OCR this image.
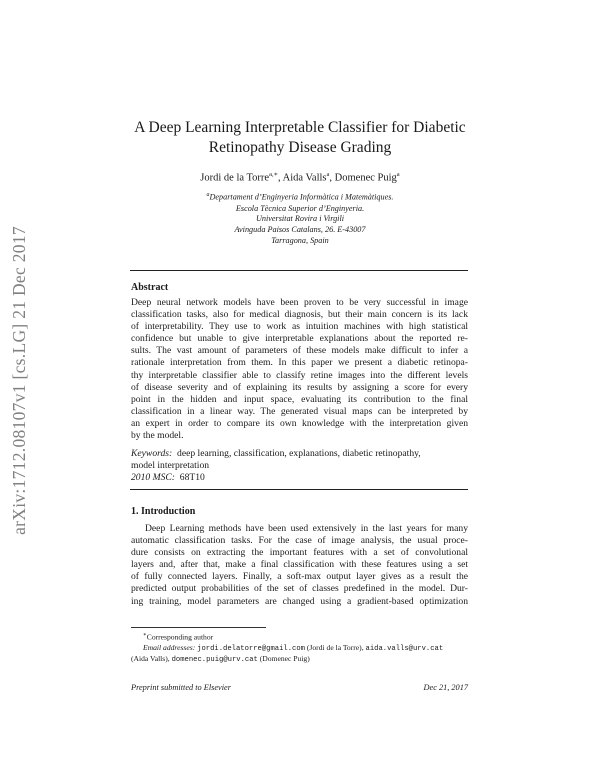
arXiv:1712.08107v1 [cs.LG] 21 Dec 2017
A Deep Learning Interpretable Classifier for Diabetic
Retinopathy Disease Grading
Jordi de la Torre$^{a,∗}$, Aida Valls$^a$, Domenec Puig$^a$
$^a$Departament d’Enginyeria Informàtica i Matemàtiques.
Escola Tècnica Superior d’Enginyeria.
Universitat Rovira i Virgili
Avinguda Paisos Catalans, 26. E-43007
Tarragona, Spain
Abstract
Deep neural network models have been proven to be very successful in image
classification tasks, also for medical diagnosis, but their main concern is its lack
of interpretability. They use to work as intuition machines with high statistical
confidence but unable to give interpretable explanations about the reported re-
sults. The vast amount of parameters of these models make difficult to infer a
rationale interpretation from them. In this paper we present a diabetic retinopa-
thy interpretable classifier able to classify retine images into the different levels
of disease severity and of explaining its results by assigning a score for every
point in the hidden and input space, evaluating its contribution to the final
classification in a linear way. The generated visual maps can be interpreted by
an expert in order to compare its own knowledge with the interpretation given
by the model.
Keywords: deep learning, classification, explanations, diabetic retinopathy,
model interpretation
2010 MSC: 68T10
1. Introduction
Deep Learning methods have been used extensively in the last years for many
automatic classification tasks. For the case of image analysis, the usual proce-
dure consists on extracting the important features with a set of convolutional
layers and, after that, make a final classification with these features using a set
of fully connected layers. Finally, a soft-max output layer gives as a result the
predicted output probabilities of the set of classes predefined in the model. Dur-
ing training, model parameters are changed using a gradient-based optimization
∗Corresponding author
Email addresses: jordi.delatorre@gmail.com (Jordi de la Torre), aida.valls@urv.cat
(Aida Valls), domenec.puig@urv.cat (Domenec Puig)
Preprint submitted to Elsevier	Dec 21, 2017
